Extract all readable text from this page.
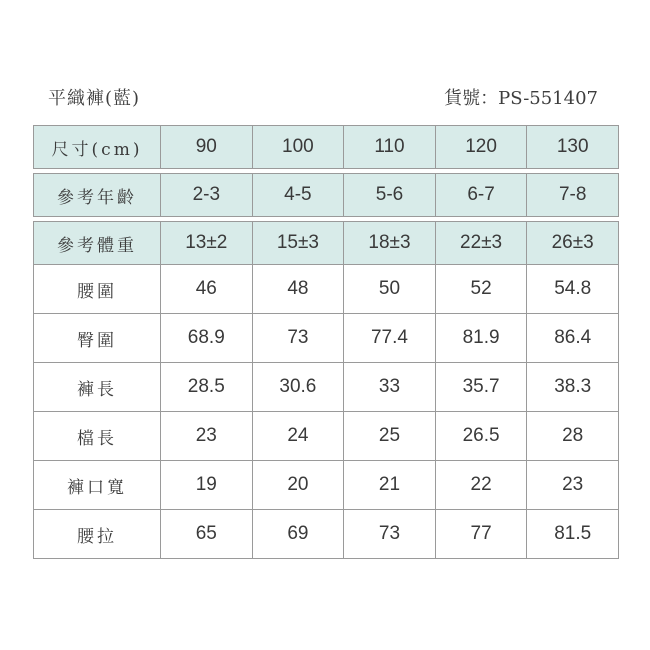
平織褲(藍)	貨號：PS-551407
尺寸(cm)	90	100	110	120	130

參考年齡	2-3	4-5	5-6	6-7	7-8

參考體重	13±2	15±3	18±3	22±3	26±3
腰圍	46	48	50	52	54.8
臀圍	68.9	73	77.4	81.9	86.4
褲長	28.5	30.6	33	35.7	38.3
檔長	23	24	25	26.5	28
褲口寬	19	20	21	22	23
腰拉	65	69	73	77	81.5
